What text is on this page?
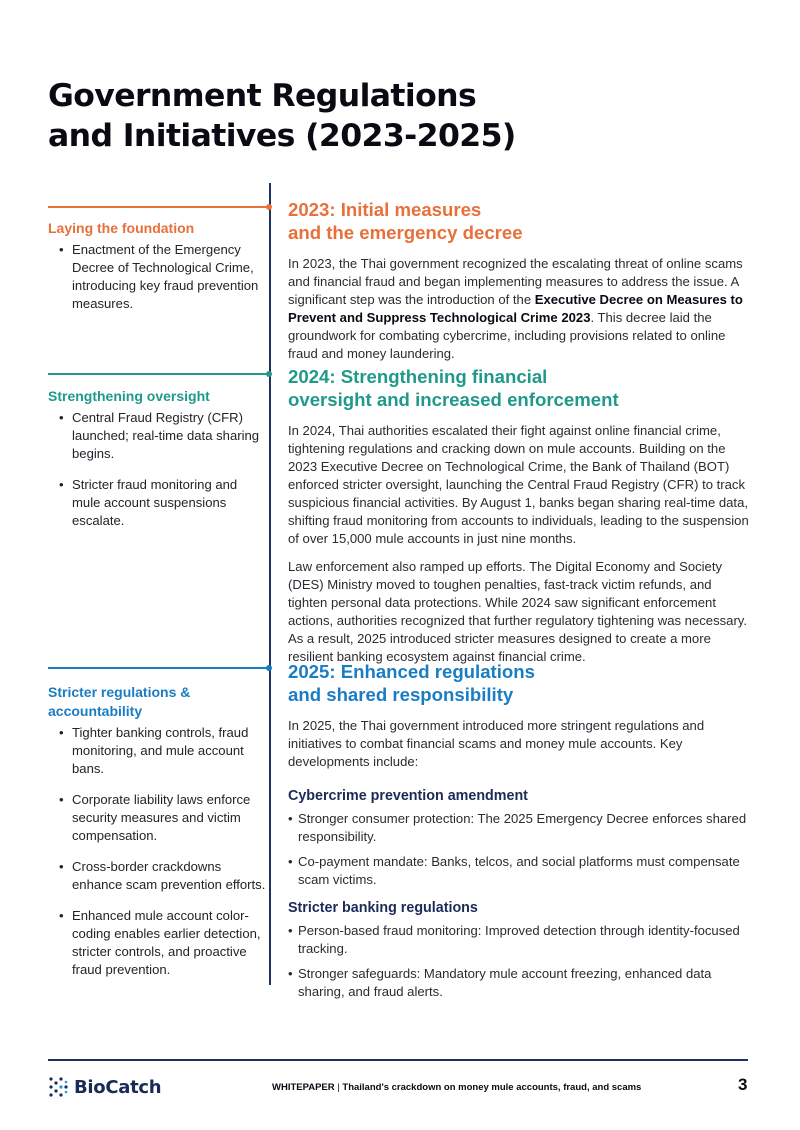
Government Regulations
and Initiatives (2023-2025)
Laying the foundation
• Enactment of the Emergency Decree of Technological Crime, introducing key fraud prevention measures.
Strengthening oversight
• Central Fraud Registry (CFR) launched; real-time data sharing begins.
• Stricter fraud monitoring and mule account suspensions escalate.
Stricter regulations & accountability
• Tighter banking controls, fraud monitoring, and mule account bans.
• Corporate liability laws enforce security measures and victim compensation.
• Cross-border crackdowns enhance scam prevention efforts.
• Enhanced mule account color-coding enables earlier detection, stricter controls, and proactive fraud prevention.
2023: Initial measures
and the emergency decree

In 2023, the Thai government recognized the escalating threat of online scams and financial fraud and began implementing measures to address the issue. A significant step was the introduction of the Executive Decree on Measures to Prevent and Suppress Technological Crime 2023. This decree laid the groundwork for combating cybercrime, including provisions related to online fraud and money laundering.

2024: Strengthening financial
oversight and increased enforcement

In 2024, Thai authorities escalated their fight against online financial crime, tightening regulations and cracking down on mule accounts. Building on the 2023 Executive Decree on Technological Crime, the Bank of Thailand (BOT) enforced stricter oversight, launching the Central Fraud Registry (CFR) to track suspicious financial activities. By August 1, banks began sharing real-time data, shifting fraud monitoring from accounts to individuals, leading to the suspension of over 15,000 mule accounts in just nine months.

Law enforcement also ramped up efforts. The Digital Economy and Society (DES) Ministry moved to toughen penalties, fast-track victim refunds, and tighten personal data protections. While 2024 saw significant enforcement actions, authorities recognized that further regulatory tightening was necessary. As a result, 2025 introduced stricter measures designed to create a more resilient banking ecosystem against financial crime.

2025: Enhanced regulations
and shared responsibility

In 2025, the Thai government introduced more stringent regulations and initiatives to combat financial scams and money mule accounts. Key developments include:

Cybercrime prevention amendment
• Stronger consumer protection: The 2025 Emergency Decree enforces shared responsibility.
• Co-payment mandate: Banks, telcos, and social platforms must compensate scam victims.
Stricter banking regulations
• Person-based fraud monitoring: Improved detection through identity-focused tracking.
• Stronger safeguards: Mandatory mule account freezing, enhanced data sharing, and fraud alerts.
BioCatch	WHITEPAPER | Thailand's crackdown on money mule accounts, fraud, and scams	3
